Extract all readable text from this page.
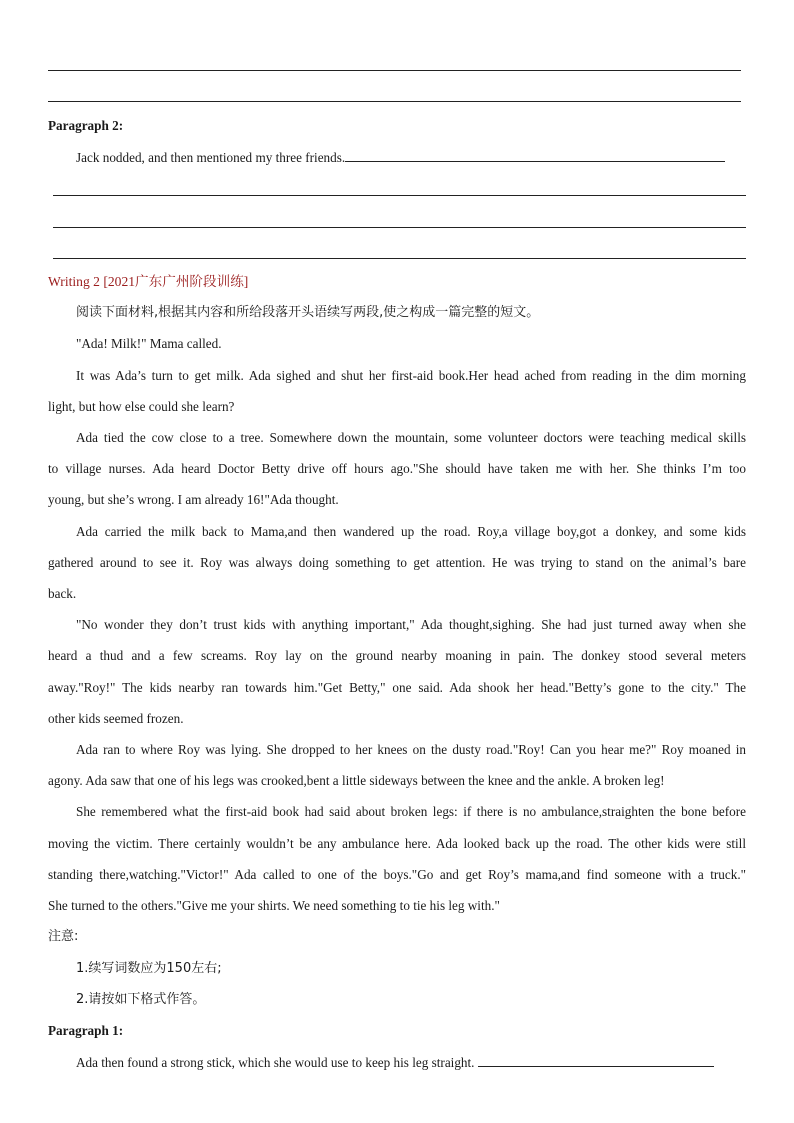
Paragraph 2:
Jack nodded, and then mentioned my three friends.
Writing 2 [2021广东广州阶段训练]
阅读下面材料,根据其内容和所给段落开头语续写两段,使之构成一篇完整的短文。
"Ada! Milk!" Mama called.
It was Ada’s turn to get milk. Ada sighed and shut her first-aid book.Her head ached from reading in the dim morning
light, but how else could she learn?
Ada tied the cow close to a tree. Somewhere down the mountain, some volunteer doctors were teaching medical skills
to village nurses. Ada heard Doctor Betty drive off hours ago."She should have taken me with her. She thinks I’m too
young, but she’s wrong. I am already 16!"Ada thought.
Ada carried the milk back to Mama,and then wandered up the road. Roy,a village boy,got a donkey, and some kids
gathered around to see it. Roy was always doing something to get attention. He was trying to stand on the animal’s bare
back.
"No wonder they don’t trust kids with anything important," Ada thought,sighing. She had just turned away when she
heard a thud and a few screams. Roy lay on the ground nearby moaning in pain. The donkey stood several meters
away."Roy!" The kids nearby ran towards him."Get Betty," one said. Ada shook her head."Betty’s gone to the city." The
other kids seemed frozen.
Ada ran to where Roy was lying. She dropped to her knees on the dusty road."Roy! Can you hear me?" Roy moaned in
agony. Ada saw that one of his legs was crooked,bent a little sideways between the knee and the ankle. A broken leg!
She remembered what the first-aid book had said about broken legs: if there is no ambulance,straighten the bone before
moving the victim. There certainly wouldn’t be any ambulance here. Ada looked back up the road. The other kids were still
standing there,watching."Victor!" Ada called to one of the boys."Go and get Roy’s mama,and find someone with a truck."
She turned to the others."Give me your shirts. We need something to tie his leg with."
注意:
1.续写词数应为150左右;
2.请按如下格式作答。
Paragraph 1:
Ada then found a strong stick, which she would use to keep his leg straight.
